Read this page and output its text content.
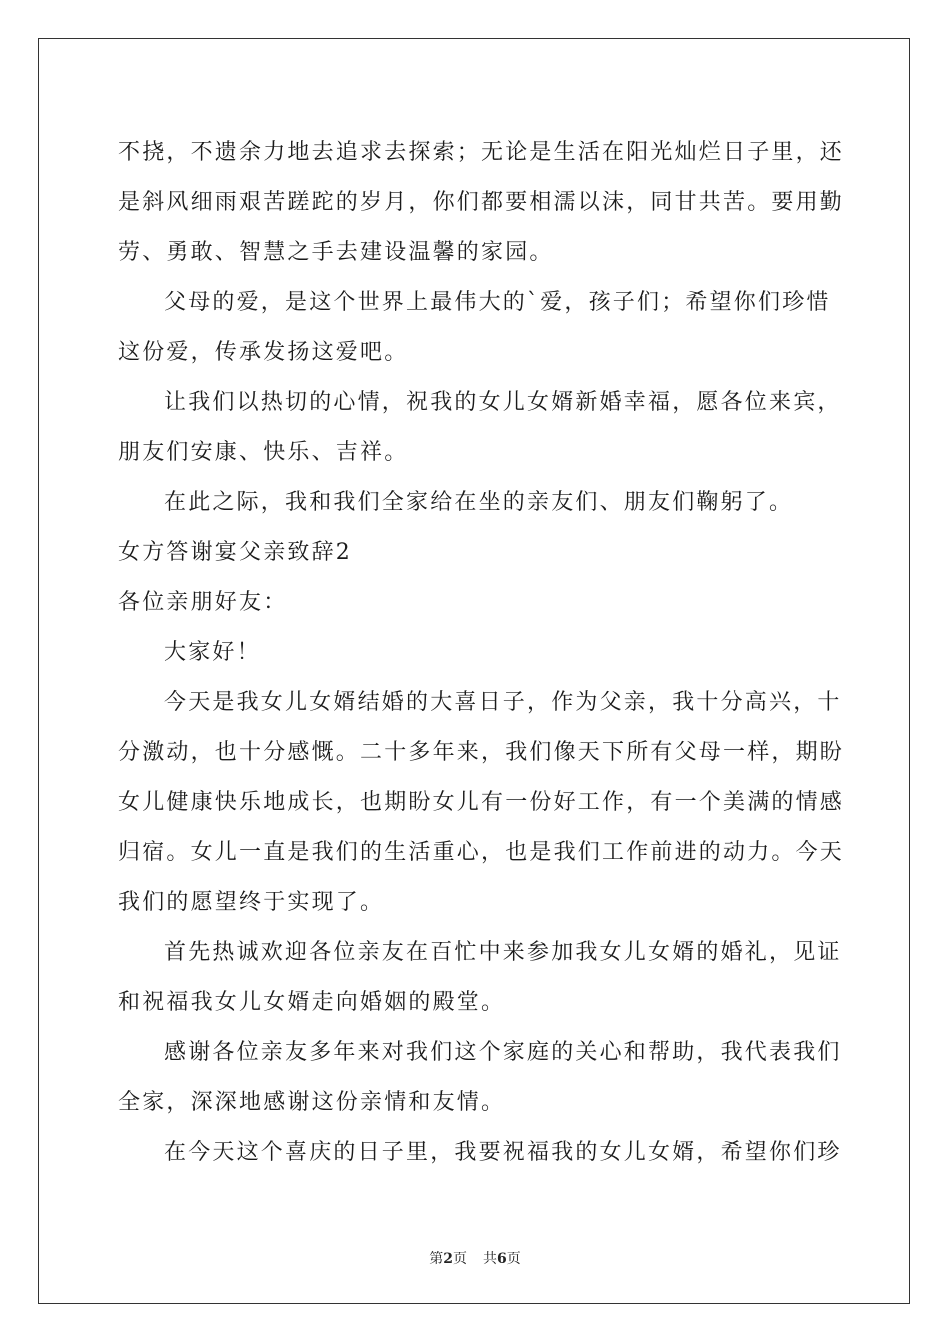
不挠，不遗余力地去追求去探索；无论是生活在阳光灿烂日子里，还
是斜风细雨艰苦蹉跎的岁月，你们都要相濡以沫，同甘共苦。要用勤
劳、勇敢、智慧之手去建设温馨的家园。
父母的爱，是这个世界上最伟大的`爱，孩子们；希望你们珍惜
这份爱，传承发扬这爱吧。
让我们以热切的心情，祝我的女儿女婿新婚幸福，愿各位来宾，
朋友们安康、快乐、吉祥。
在此之际，我和我们全家给在坐的亲友们、朋友们鞠躬了。
女方答谢宴父亲致辞2
各位亲朋好友：
大家好！
今天是我女儿女婿结婚的大喜日子，作为父亲，我十分高兴，十
分激动，也十分感慨。二十多年来，我们像天下所有父母一样，期盼
女儿健康快乐地成长，也期盼女儿有一份好工作，有一个美满的情感
归宿。女儿一直是我们的生活重心，也是我们工作前进的动力。今天
我们的愿望终于实现了。
首先热诚欢迎各位亲友在百忙中来参加我女儿女婿的婚礼，见证
和祝福我女儿女婿走向婚姻的殿堂。
感谢各位亲友多年来对我们这个家庭的关心和帮助，我代表我们
全家，深深地感谢这份亲情和友情。
在今天这个喜庆的日子里，我要祝福我的女儿女婿，希望你们珍
第2页 共6页
